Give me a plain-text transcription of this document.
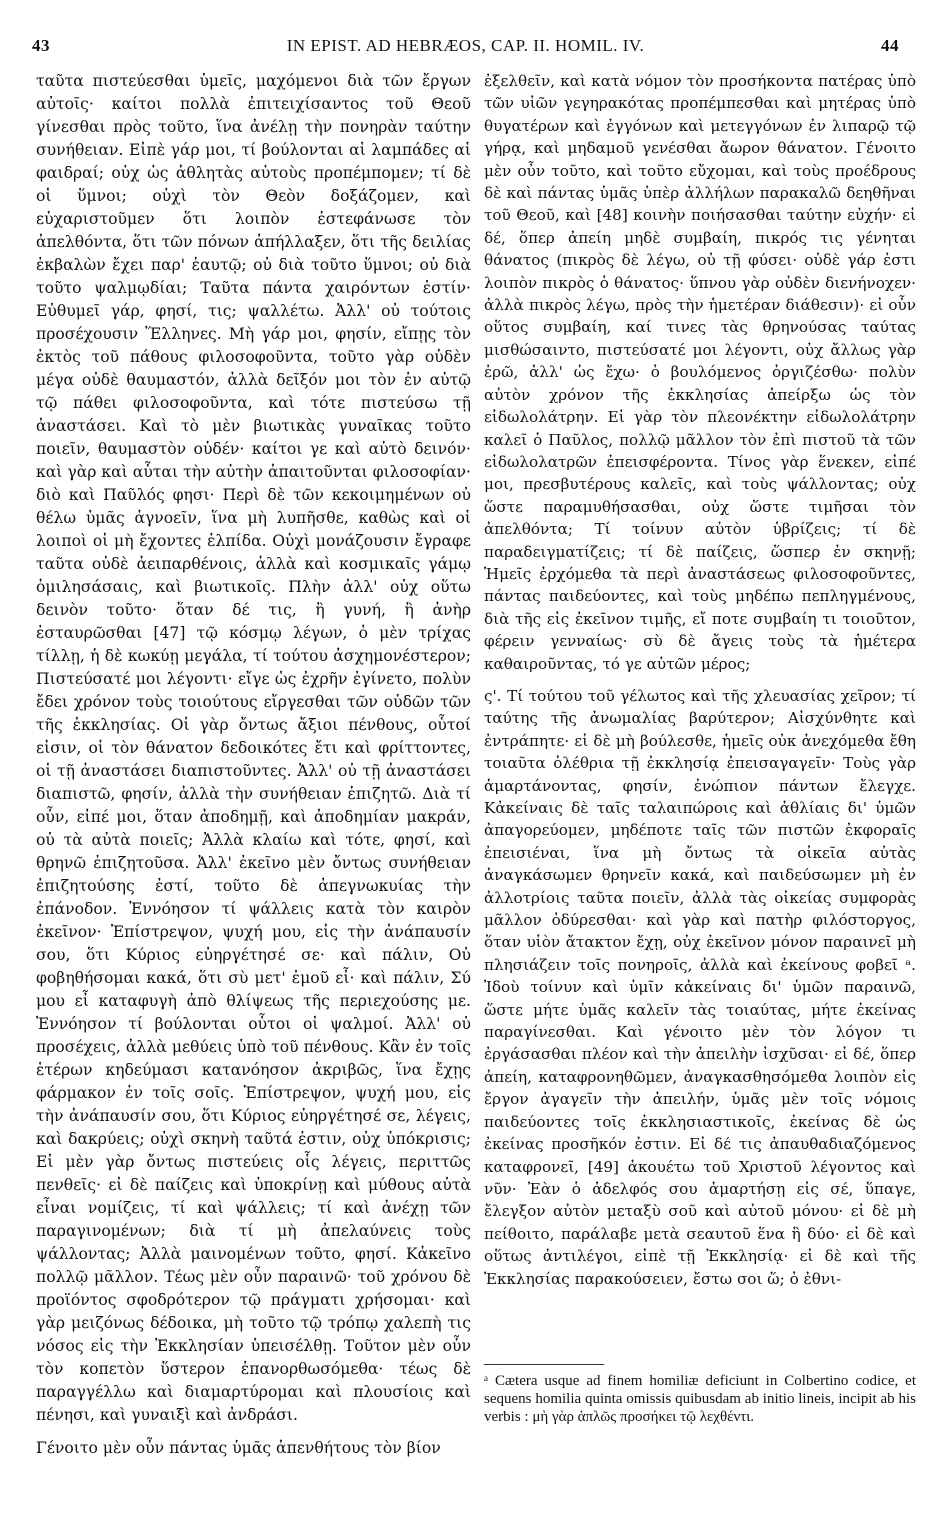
43	IN EPIST. AD HEBRÆOS, CAP. II. HOMIL. IV.	44

ταῦτα πιστεύεσθαι ὑμεῖς, μαχόμενοι διὰ τῶν ἔργων αὐτοῖς· καίτοι πολλὰ ἐπιτειχίσαντος τοῦ Θεοῦ γίνεσθαι πρὸς τοῦτο, ἵνα ἀνέλῃ τὴν πονηρὰν ταύτην συνήθειαν. Εἰπὲ γάρ μοι, τί βούλονται αἱ λαμπάδες αἱ φαιδραί; οὐχ ὡς ἀθλητὰς αὐτοὺς προπέμπομεν; τί δὲ οἱ ὕμνοι; οὐχὶ τὸν Θεὸν δοξάζομεν, καὶ εὐχαριστοῦμεν ὅτι λοιπὸν ἐστεφάνωσε τὸν ἀπελθόντα, ὅτι τῶν πόνων ἀπήλλαξεν, ὅτι τῆς δειλίας ἐκβαλὼν ἔχει παρ' ἑαυτῷ; οὐ διὰ τοῦτο ὕμνοι; οὐ διὰ τοῦτο ψαλμῳδίαι; Ταῦτα πάντα χαιρόντων ἐστίν· Εὐθυμεῖ γάρ, φησί, τις; ψαλλέτω. Ἀλλ' οὐ τούτοις προσέχουσιν Ἕλληνες. Μὴ γάρ μοι, φησίν, εἴπῃς τὸν ἐκτὸς τοῦ πάθους φιλοσοφοῦντα, τοῦτο γὰρ οὐδὲν μέγα οὐδὲ θαυμαστόν, ἀλλὰ δεῖξόν μοι τὸν ἐν αὐτῷ τῷ πάθει φιλοσοφοῦντα, καὶ τότε πιστεύσω τῇ ἀναστάσει. Καὶ τὸ μὲν βιωτικὰς γυναῖκας τοῦτο ποιεῖν, θαυμαστὸν οὐδέν· καίτοι γε καὶ αὐτὸ δεινόν· καὶ γὰρ καὶ αὗται τὴν αὐτὴν ἀπαιτοῦνται φιλοσοφίαν· διὸ καὶ Παῦλός φησι· Περὶ δὲ τῶν κεκοιμημένων οὐ θέλω ὑμᾶς ἀγνοεῖν, ἵνα μὴ λυπῆσθε, καθὼς καὶ οἱ λοιποὶ οἱ μὴ ἔχοντες ἐλπίδα. Οὐχὶ μονάζουσιν ἔγραφε ταῦτα οὐδὲ ἀειπαρθένοις, ἀλλὰ καὶ κοσμικαῖς γάμῳ ὁμιλησάσαις, καὶ βιωτικοῖς. Πλὴν ἀλλ' οὐχ οὕτω δεινὸν τοῦτο· ὅταν δέ τις, ἢ γυνή, ἢ ἀνὴρ ἐσταυρῶσθαι [47] τῷ κόσμῳ λέγων, ὁ μὲν τρίχας τίλλῃ, ἡ δὲ κωκύῃ μεγάλα, τί τούτου ἀσχημονέστερον; Πιστεύσατέ μοι λέγοντι· εἴγε ὡς ἐχρῆν ἐγίνετο, πολὺν ἔδει χρόνον τοὺς τοιούτους εἴργεσθαι τῶν οὐδῶν τῶν τῆς ἐκκλησίας. Οἱ γὰρ ὄντως ἄξιοι πένθους, οὗτοί εἰσιν, οἱ τὸν θάνατον δεδοικότες ἔτι καὶ φρίττοντες, οἱ τῇ ἀναστάσει διαπιστοῦντες. Ἀλλ' οὐ τῇ ἀναστάσει διαπιστῶ, φησίν, ἀλλὰ τὴν συνήθειαν ἐπιζητῶ. Διὰ τί οὖν, εἰπέ μοι, ὅταν ἀποδημῇ, καὶ ἀποδημίαν μακράν, οὐ τὰ αὐτὰ ποιεῖς; Ἀλλὰ κλαίω καὶ τότε, φησί, καὶ θρηνῶ ἐπιζητοῦσα. Ἀλλ' ἐκεῖνο μὲν ὄντως συνήθειαν ἐπιζητούσης ἐστί, τοῦτο δὲ ἀπεγνωκυίας τὴν ἐπάνοδον. Ἐννόησον τί ψάλλεις κατὰ τὸν καιρὸν ἐκεῖνον· Ἐπίστρεψον, ψυχή μου, εἰς τὴν ἀνάπαυσίν σου, ὅτι Κύριος εὐηργέτησέ σε· καὶ πάλιν, Οὐ φοβηθήσομαι κακά, ὅτι σὺ μετ' ἐμοῦ εἶ· καὶ πάλιν, Σύ μου εἶ καταφυγὴ ἀπὸ θλίψεως τῆς περιεχούσης με. Ἐννόησον τί βούλονται οὗτοι οἱ ψαλμοί. Ἀλλ' οὐ προσέχεις, ἀλλὰ μεθύεις ὑπὸ τοῦ πένθους. Κἂν ἐν τοῖς ἑτέρων κηδεύμασι κατανόησον ἀκριβῶς, ἵνα ἔχῃς φάρμακον ἐν τοῖς σοῖς. Ἐπίστρεψον, ψυχή μου, εἰς τὴν ἀνάπαυσίν σου, ὅτι Κύριος εὐηργέτησέ σε, λέγεις, καὶ δακρύεις; οὐχὶ σκηνὴ ταῦτά ἐστιν, οὐχ ὑπόκρισις; Εἰ μὲν γὰρ ὄντως πιστεύεις οἷς λέγεις, περιττῶς πενθεῖς· εἰ δὲ παίζεις καὶ ὑποκρίνῃ καὶ μύθους αὐτὰ εἶναι νομίζεις, τί καὶ ψάλλεις; τί καὶ ἀνέχῃ τῶν παραγινομένων; διὰ τί μὴ ἀπελαύνεις τοὺς ψάλλοντας; Ἀλλὰ μαινομένων τοῦτο, φησί. Κἀκεῖνο πολλῷ μᾶλλον. Τέως μὲν οὖν παραινῶ· τοῦ χρόνου δὲ προϊόντος σφοδρότερον τῷ πράγματι χρήσομαι· καὶ γὰρ μειζόνως δέδοικα, μὴ τοῦτο τῷ τρόπῳ χαλεπὴ τις νόσος εἰς τὴν Ἐκκλησίαν ὑπεισέλθῃ. Τοῦτον μὲν οὖν τὸν κοπετὸν ὕστερον ἐπανορθωσόμεθα· τέως δὲ παραγγέλλω καὶ διαμαρτύρομαι καὶ πλουσίοις καὶ πένησι, καὶ γυναιξὶ καὶ ἀνδράσι.

Γένοιτο μὲν οὖν πάντας ὑμᾶς ἀπενθήτους τὸν βίον

ἐξελθεῖν, καὶ κατὰ νόμον τὸν προσήκοντα πατέρας ὑπὸ τῶν υἱῶν γεγηρακότας προπέμπεσθαι καὶ μητέρας ὑπὸ θυγατέρων καὶ ἐγγόνων καὶ μετεγγόνων ἐν λιπαρῷ τῷ γήρᾳ, καὶ μηδαμοῦ γενέσθαι ἄωρον θάνατον. Γένοιτο μὲν οὖν τοῦτο, καὶ τοῦτο εὔχομαι, καὶ τοὺς προέδρους δὲ καὶ πάντας ὑμᾶς ὑπὲρ ἀλλήλων παρακαλῶ δεηθῆναι τοῦ Θεοῦ, καὶ [48] κοινὴν ποιήσασθαι ταύτην εὐχήν· εἰ δέ, ὅπερ ἀπείη μηδὲ συμβαίη, πικρός τις γένηται θάνατος (πικρὸς δὲ λέγω, οὐ τῇ φύσει· οὐδὲ γάρ ἐστι λοιπὸν πικρὸς ὁ θάνατος· ὕπνου γὰρ οὐδὲν διενήνοχεν· ἀλλὰ πικρὸς λέγω, πρὸς τὴν ἡμετέραν διάθεσιν)· εἰ οὖν οὕτος συμβαίη, καί τινες τὰς θρηνούσας ταύτας μισθώσαιντο, πιστεύσατέ μοι λέγοντι, οὐχ ἄλλως γὰρ ἐρῶ, ἀλλ' ὡς ἔχω· ὁ βουλόμενος ὀργιζέσθω· πολὺν αὐτὸν χρόνον τῆς ἐκκλησίας ἀπείρξω ὡς τὸν εἰδωλολάτρην. Εἰ γὰρ τὸν πλεονέκτην εἰδωλολάτρην καλεῖ ὁ Παῦλος, πολλῷ μᾶλλον τὸν ἐπὶ πιστοῦ τὰ τῶν εἰδωλολατρῶν ἐπεισφέροντα. Τίνος γὰρ ἕνεκεν, εἰπέ μοι, πρεσβυτέρους καλεῖς, καὶ τοὺς ψάλλοντας; οὐχ ὥστε παραμυθήσασθαι, οὐχ ὥστε τιμῆσαι τὸν ἀπελθόντα; Τί τοίνυν αὐτὸν ὑβρίζεις; τί δὲ παραδειγματίζεις; τί δὲ παίζεις, ὥσπερ ἐν σκηνῇ; Ἡμεῖς ἐρχόμεθα τὰ περὶ ἀναστάσεως φιλοσοφοῦντες, πάντας παιδεύοντες, καὶ τοὺς μηδέπω πεπληγμένους, διὰ τῆς εἰς ἐκεῖνον τιμῆς, εἴ ποτε συμβαίη τι τοιοῦτον, φέρειν γενναίως· σὺ δὲ ἄγεις τοὺς τὰ ἡμέτερα καθαιροῦντας, τό γε αὐτῶν μέρος;

ς'. Τί τούτου τοῦ γέλωτος καὶ τῆς χλευασίας χεῖρον; τί ταύτης τῆς ἀνωμαλίας βαρύτερον; Αἰσχύνθητε καὶ ἐντράπητε· εἰ δὲ μὴ βούλεσθε, ἡμεῖς οὐκ ἀνεχόμεθα ἔθη τοιαῦτα ὀλέθρια τῇ ἐκκλησίᾳ ἐπεισαγαγεῖν· Τοὺς γὰρ ἁμαρτάνοντας, φησίν, ἐνώπιον πάντων ἔλεγχε. Κἀκείναις δὲ ταῖς ταλαιπώροις καὶ ἀθλίαις δι' ὑμῶν ἀπαγορεύομεν, μηδέποτε ταῖς τῶν πιστῶν ἐκφοραῖς ἐπεισιέναι, ἵνα μὴ ὄντως τὰ οἰκεῖα αὐτὰς ἀναγκάσωμεν θρηνεῖν κακά, καὶ παιδεύσωμεν μὴ ἐν ἀλλοτρίοις ταῦτα ποιεῖν, ἀλλὰ τὰς οἰκείας συμφορὰς μᾶλλον ὀδύρεσθαι· καὶ γὰρ καὶ πατὴρ φιλόστοργος, ὅταν υἱὸν ἄτακτον ἔχῃ, οὐχ ἐκεῖνον μόνον παραινεῖ μὴ πλησιάζειν τοῖς πονηροῖς, ἀλλὰ καὶ ἐκείνους φοβεῖ ᵃ. Ἰδοὺ τοίνυν καὶ ὑμῖν κἀκείναις δι' ὑμῶν παραινῶ, ὥστε μήτε ὑμᾶς καλεῖν τὰς τοιαύτας, μήτε ἐκείνας παραγίνεσθαι. Καὶ γένοιτο μὲν τὸν λόγον τι ἐργάσασθαι πλέον καὶ τὴν ἀπειλὴν ἰσχῦσαι· εἰ δέ, ὅπερ ἀπείη, καταφρονηθῶμεν, ἀναγκασθησόμεθα λοιπὸν εἰς ἔργον ἀγαγεῖν τὴν ἀπειλήν, ὑμᾶς μὲν τοῖς νόμοις παιδεύοντες τοῖς ἐκκλησιαστικοῖς, ἐκείνας δὲ ὡς ἐκείνας προσῆκόν ἐστιν. Εἰ δέ τις ἀπαυθαδιαζόμενος καταφρονεῖ, [49] ἀκουέτω τοῦ Χριστοῦ λέγοντος καὶ νῦν· Ἐὰν ὁ ἀδελφός σου ἁμαρτήσῃ εἰς σέ, ὕπαγε, ἔλεγξον αὐτὸν μεταξὺ σοῦ καὶ αὐτοῦ μόνου· εἰ δὲ μὴ πείθοιτο, παράλαβε μετὰ σεαυτοῦ ἕνα ἢ δύο· εἰ δὲ καὶ οὕτως ἀντιλέγοι, εἰπὲ τῇ Ἐκκλησίᾳ· εἰ δὲ καὶ τῆς Ἐκκλησίας παρακούσειεν, ἔστω σοι ὥ; ὁ ἐθνι-

ᵃ Cætera usque ad finem homiliæ deficiunt in Colbertino codice, et sequens homilia quinta omissis quibusdam ab initio lineis, incipit ab his verbis : μὴ γὰρ ἁπλῶς προσήκει τῷ λεχθέντι.
